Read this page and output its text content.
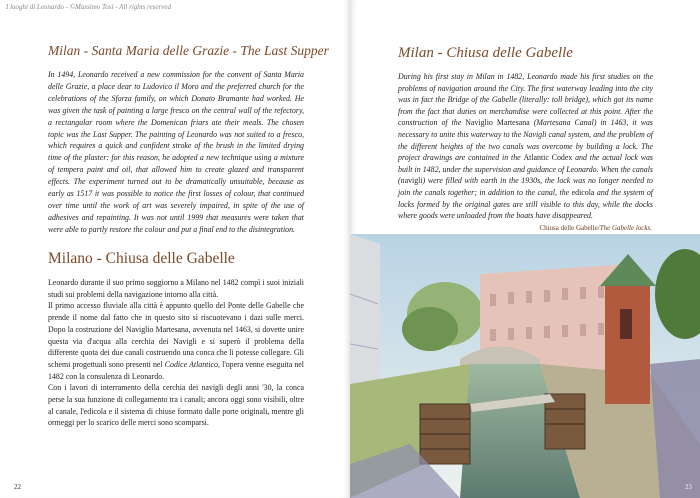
I luoghi di Leonardo - ©Massimo Tosi - All rights reserved
Milan - Santa Maria delle Grazie - The Last Supper

In 1494, Leonardo received a new commission for the convent of Santa Maria delle Grazie, a place dear to Ludovico il Moro and the preferred church for the celebrations of the Sforza family, on which Donato Bramante had worked. He was given the task of painting a large fresco on the central wall of the refectory, a rectangular room where the Domenican friars ate their meals. The chosen topic was the Last Supper. The painting of Leonardo was not suited to a fresco, which requires a quick and confident stroke of the brush in the limited drying time of the plaster: for this reason, he adopted a new technique using a mixture of tempera paint and oil, that allowed him to create glazed and transparent effects. The experiment turned out to be dramatically unsuitable, because as early as 1517 it was possible to notice the first losses of colour, that continued over time until the work of art was severely impaired, in spite of the use of adhesives and repainting. It was not until 1999 that measures were taken that were able to partly restore the colour and put a final end to the disintegration.

Milano - Chiusa delle Gabelle

Leonardo durante il suo primo soggiorno a Milano nel 1482 compì i suoi iniziali studi sui problemi della navigazione intorno alla città.

Il primo accesso fluviale alla città è appunto quello del Ponte delle Gabelle che prende il nome dal fatto che in questo sito si riscuotevano i dazi sulle merci. Dopo la costruzione del Naviglio Martesana, avvenuta nel 1463, si dovette unire questa via d'acqua alla cerchia dei Navigli e si superò il problema della differente quota dei due canali costruendo una conca che li potesse collegare. Gli schemi progettuali sono presenti nel Codice Atlantico, l'opera venne eseguita nel 1482 con la consulenza di Leonardo.

Con i lavori di interramento della cerchia dei navigli degli anni '30, la conca perse la sua funzione di collegamento tra i canali; ancora oggi sono visibili, oltre al canale, l'edicola e il sistema di chiuse formato dalle porte originali, mentre gli ormeggi per lo scarico delle merci sono scomparsi.

22
Milan - Chiusa delle Gabelle

During his first stay in Milan in 1482, Leonardo made his first studies on the problems of navigation around the City. The first waterway leading into the city was in fact the Bridge of the Gabelle (literally: toll bridge), which got its name from the fact that duties on merchandise were collected at this point. After the construction of the Naviglio Martesana (Martesana Canal) in 1463, it was necessary to unite this waterway to the Navigli canal system, and the problem of the different heights of the two canals was overcome by building a lock. The project drawings are contained in the Atlantic Codex and the actual lock was built in 1482, under the supervision and guidance of Leonardo. When the canals (navigli) were filled with earth in the 1930s, the lock was no longer needed to join the canals together; in addition to the canal, the edicola and the system of locks formed by the original gates are still visible to this day, while the docks where goods were unloaded from the boats have disappeared.

Chiusa delle Gabelle/The Gabelle locks.
23
